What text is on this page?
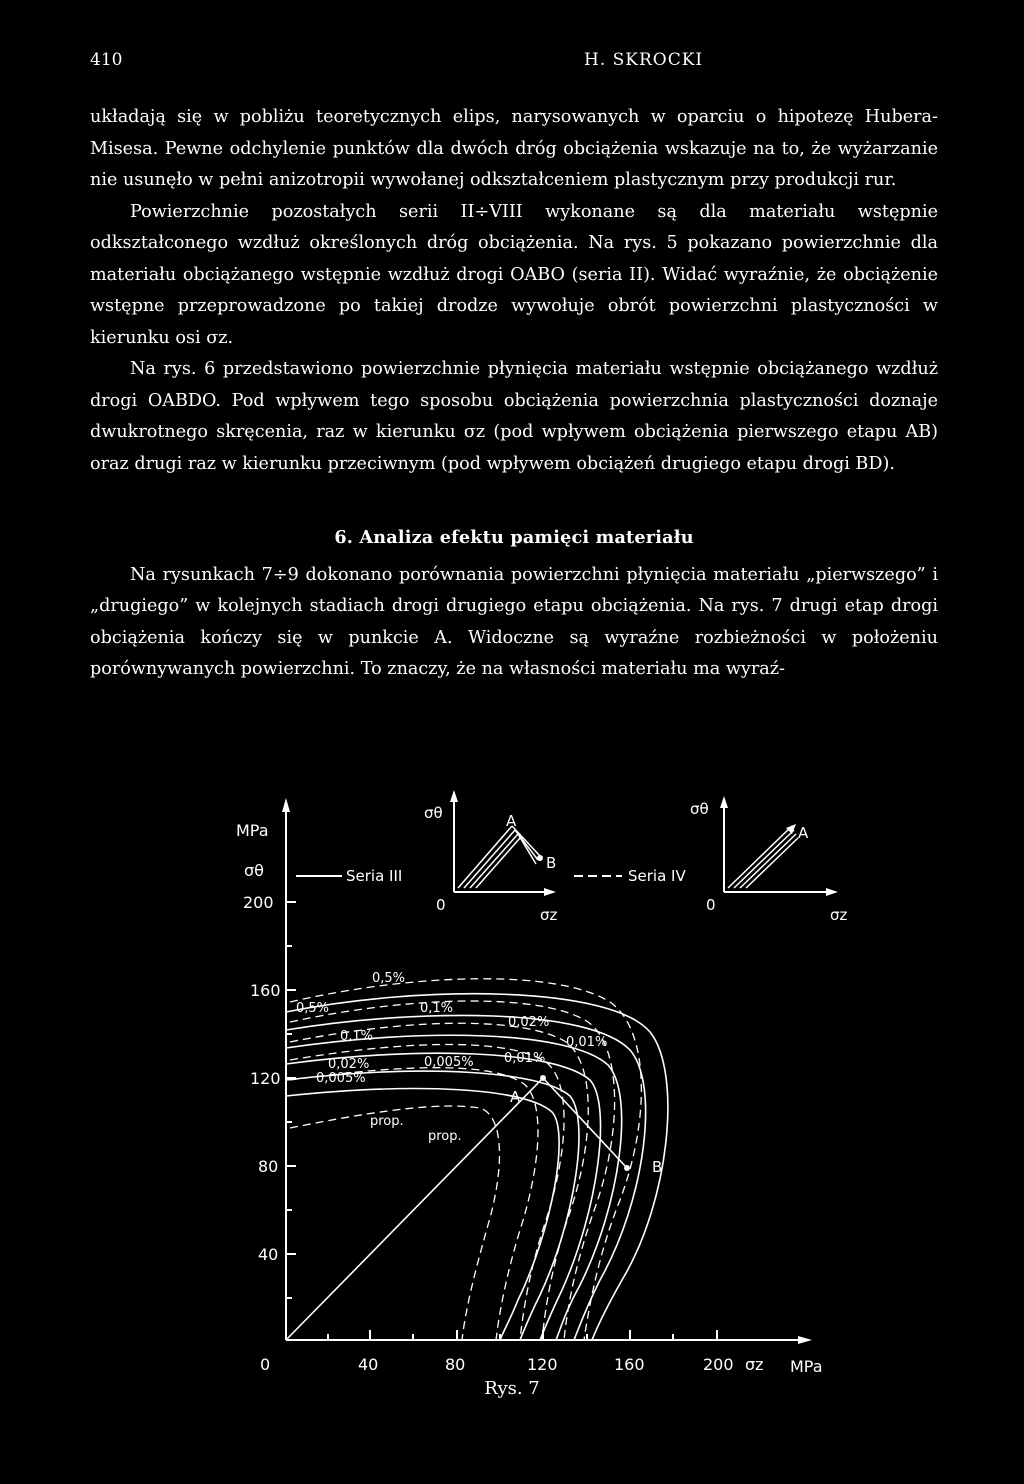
410	H. SKROCKI

układają się w pobliżu teoretycznych elips, narysowanych w oparciu o hipotezę Hubera-Misesa. Pewne odchylenie punktów dla dwóch dróg obciążenia wskazuje na to, że wyżarzanie nie usunęło w pełni anizotropii wywołanej odkształceniem plastycznym przy produkcji rur.

Powierzchnie pozostałych serii II÷VIII wykonane są dla materiału wstępnie odkształconego wzdłuż określonych dróg obciążenia. Na rys. 5 pokazano powierzchnie dla materiału obciążanego wstępnie wzdłuż drogi OABO (seria II). Widać wyraźnie, że obciążenie wstępne przeprowadzone po takiej drodze wywołuje obrót powierzchni plastyczności w kierunku osi σz.

Na rys. 6 przedstawiono powierzchnie płynięcia materiału wstępnie obciążanego wzdłuż drogi OABDO. Pod wpływem tego sposobu obciążenia powierzchnia plastyczności doznaje dwukrotnego skręcenia, raz w kierunku σz (pod wpływem obciążenia pierwszego etapu AB) oraz drugi raz w kierunku przeciwnym (pod wpływem obciążeń drugiego etapu drogi BD).

6. Analiza efektu pamięci materiału

Na rysunkach 7÷9 dokonano porównania powierzchni płynięcia materiału „pierwszego” i „drugiego” w kolejnych stadiach drogi drugiego etapu obciążenia. Na rys. 7 drugi etap drogi obciążenia kończy się w punkcie A. Widoczne są wyraźne rozbieżności w położeniu porównywanych powierzchni. To znaczy, że na własności materiału ma wyraź-

MPa
σθ
200
160
120
80
40
0	40	80	120	160	200 σz MPa
Seria III	Seria IV
σθ
0
A
B
σz
σθ
0
A
σz
0,5%
0,5%	0,1%
0,02%
0,1%	0,01%
0,02%	0,005% 0,01%
0,005%
prop.
prop.
A
B
Rys. 7
